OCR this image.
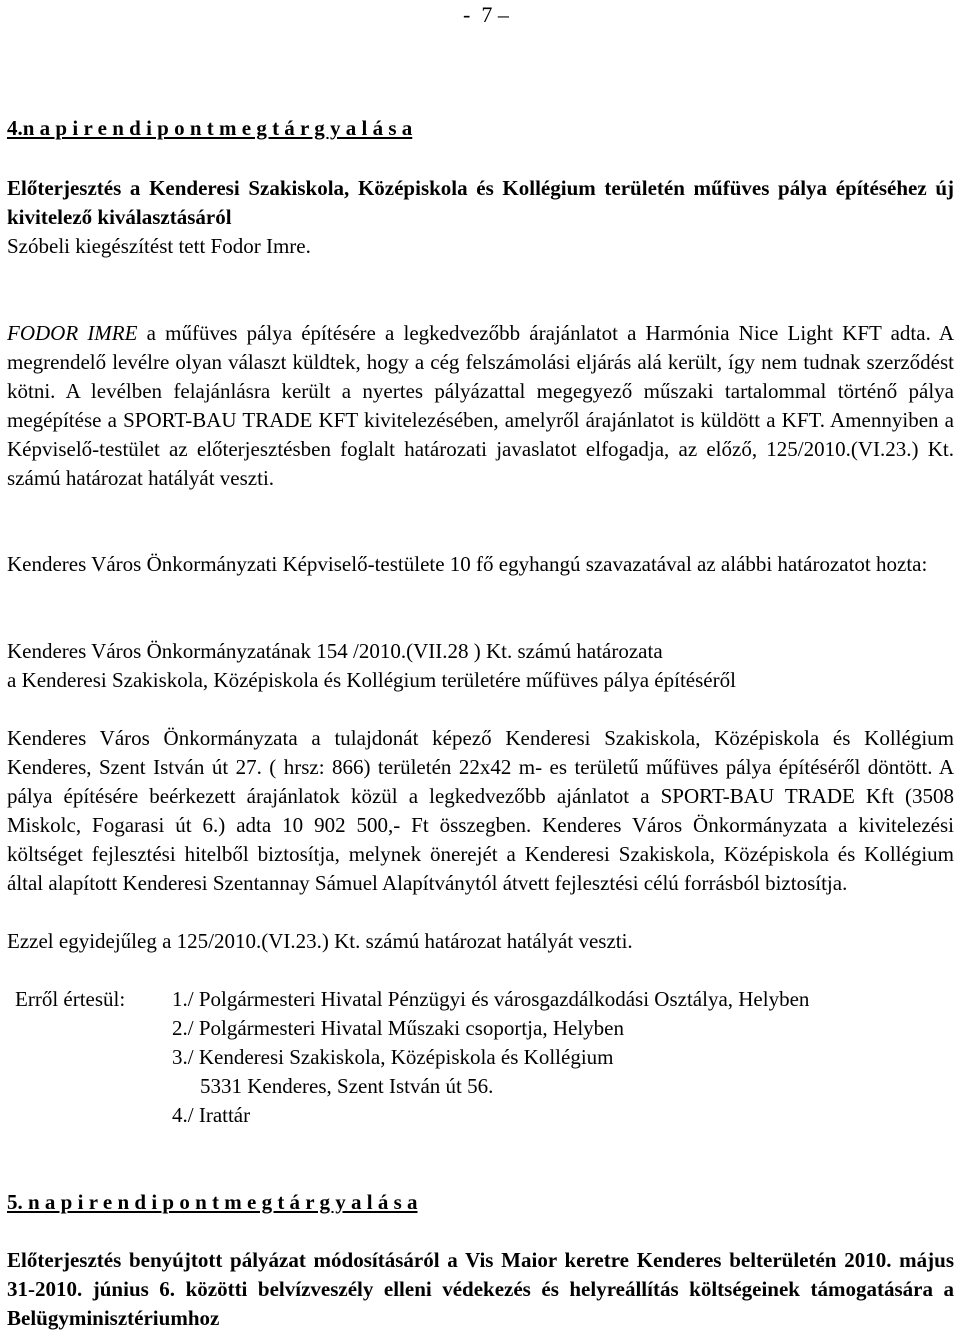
-  7 –
4.n a p i r e n d i p o n t m e g t á r g y a l á s a
Előterjesztés a Kenderesi Szakiskola, Középiskola és Kollégium területén műfüves pálya építéséhez új kivitelező kiválasztásáról
Szóbeli kiegészítést tett Fodor Imre.
FODOR IMRE a műfüves pálya építésére a legkedvezőbb árajánlatot a Harmónia Nice Light KFT adta. A megrendelő levélre olyan választ küldtek, hogy a cég felszámolási eljárás alá került, így nem tudnak szerződést kötni. A levélben felajánlásra került a nyertes pályázattal megegyező műszaki tartalommal történő pálya megépítése a SPORT-BAU TRADE KFT kivitelezésében, amelyről árajánlatot is küldött a KFT. Amennyiben a Képviselő-testület az előterjesztésben foglalt határozati javaslatot elfogadja, az előző, 125/2010.(VI.23.) Kt. számú határozat hatályát veszti.
Kenderes Város Önkormányzati Képviselő-testülete 10 fő egyhangú szavazatával az alábbi határozatot hozta:
Kenderes Város Önkormányzatának 154 /2010.(VII.28 ) Kt. számú határozata
a Kenderesi Szakiskola, Középiskola és Kollégium területére műfüves pálya építéséről
Kenderes Város Önkormányzata a tulajdonát képező Kenderesi Szakiskola, Középiskola és Kollégium Kenderes, Szent István út 27. ( hrsz: 866) területén 22x42 m- es területű műfüves pálya építéséről döntött. A pálya építésére beérkezett árajánlatok közül a legkedvezőbb ajánlatot a SPORT-BAU TRADE Kft (3508 Miskolc, Fogarasi út 6.) adta 10 902 500,- Ft összegben. Kenderes Város Önkormányzata a kivitelezési költséget fejlesztési hitelből biztosítja, melynek önerejét a Kenderesi Szakiskola, Középiskola és Kollégium által alapított Kenderesi Szentannay Sámuel Alapítványtól átvett fejlesztési célú forrásból biztosítja.
Ezzel egyidejűleg a 125/2010.(VI.23.) Kt. számú határozat hatályát veszti.
Erről értesül: 1./ Polgármesteri Hivatal Pénzügyi és városgazdálkodási Osztálya, Helyben
2./ Polgármesteri Hivatal Műszaki csoportja, Helyben
3./ Kenderesi Szakiskola, Középiskola és Kollégium
5331 Kenderes, Szent István út 56.
4./ Irattár
5. n a p i r e n d i p o n t m e g t á r g y a l á s a
Előterjesztés benyújtott pályázat módosításáról a Vis Maior keretre Kenderes belterületén 2010. május 31-2010. június 6. közötti belvízveszély elleni védekezés és helyreállítás költségeinek támogatására a Belügyminisztériumhoz
